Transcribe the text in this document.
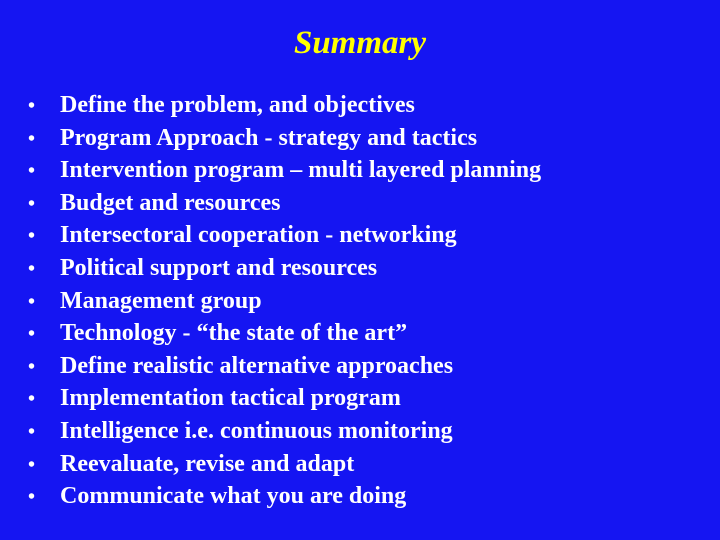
Summary
•	Define the problem, and objectives
•	Program Approach - strategy and tactics
•	Intervention program – multi layered planning
•	Budget and resources
•	Intersectoral cooperation - networking
•	Political support and resources
•	Management group
•	Technology - “the state of the art”
•	Define realistic alternative approaches
•	Implementation tactical program
•	Intelligence i.e. continuous monitoring
•	Reevaluate, revise and adapt
•	Communicate what you are doing
